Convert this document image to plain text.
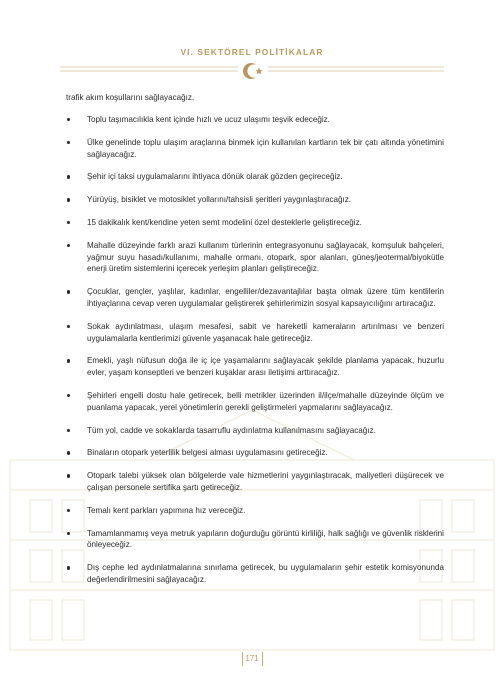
VI. SEKTÖREL POLİTİKALAR

trafik akım koşullarını sağlayacağız.

Toplu taşımacılıkla kent içinde hızlı ve ucuz ulaşımı teşvik edeceğiz.
Ülke genelinde toplu ulaşım araçlarına binmek için kullanılan kartların tek bir çatı altında yönetimini sağlayacağız.
Şehir içi taksi uygulamalarını ihtiyaca dönük olarak gözden geçireceğiz.
Yürüyüş, bisiklet ve motosiklet yollarını/tahsisli şeritleri yaygınlaştıracağız.
15 dakikalık kent/kendine yeten semt modelini özel desteklerle geliştireceğiz.
Mahalle düzeyinde farklı arazi kullanım türlerinin entegrasyonunu sağlayacak, komşuluk bahçeleri, yağmur suyu hasadı/kullanımı, mahalle ormanı, otopark, spor alanları, güneş/jeotermal/biyokütle enerji üretim sistemlerini içerecek yerleşim planları geliştireceğiz.
Çocuklar, gençler, yaşlılar, kadınlar, engelliler/dezavantajlılar başta olmak üzere tüm kentlilerin ihtiyaçlarına cevap veren uygulamalar geliştirerek şehirlerimizin sosyal kapsayıcılığını artıracağız.
Sokak aydınlatması, ulaşım mesafesi, sabit ve hareketli kameraların artırılması ve benzeri uygulamalarla kentlerimizi güvenle yaşanacak hale getireceğiz.
Emekli, yaşlı nüfusun doğa ile iç içe yaşamalarını sağlayacak şekilde planlama yapacak, huzurlu evler, yaşam konseptleri ve benzeri kuşaklar arası iletişimi arttıracağız.
Şehirleri engelli dostu hale getirecek, belli metrikler üzerinden il/ilçe/mahalle düzeyinde ölçüm ve puanlama yapacak, yerel yönetimlerin gerekli geliştirmeleri yapmalarını sağlayacağız.
Tüm yol, cadde ve sokaklarda tasarruflu aydınlatma kullanılmasını sağlayacağız.
Binaların otopark yeterlilik belgesi alması uygulamasını getireceğiz.
Otopark talebi yüksek olan bölgelerde vale hizmetlerini yaygınlaştıracak, maliyetleri düşürecek ve çalışan personele sertifika şartı getireceğiz.
Temalı kent parkları yapımına hız vereceğiz.
Tamamlanmamış veya metruk yapıların doğurduğu görüntü kirliliği, halk sağlığı ve güvenlik risklerini önleyeceğiz.
Dış cephe led aydınlatmalarına sınırlama getirecek, bu uygulamaların şehir estetik komisyonunda değerlendirilmesini sağlayacağız.
171
